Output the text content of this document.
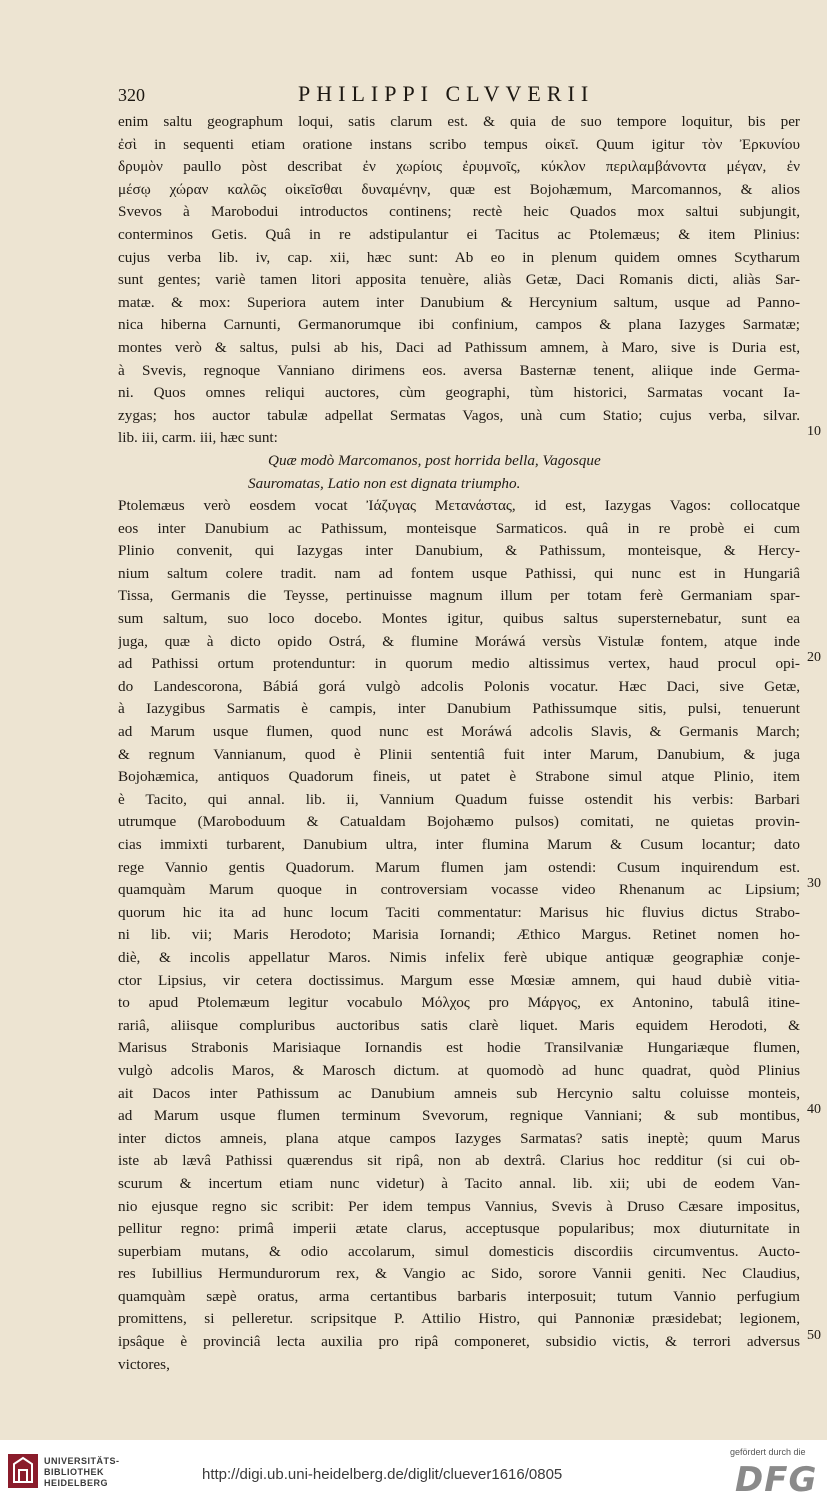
320	PHILIPPI CLVVERII
enim saltu geographum loqui, satis clarum est. & quia de suo tempore loquitur, bis per
ἐσὶ in sequenti etiam oratione instans scribo tempus οἰκεῖ. Quum igitur τὸν Ἐρκυνίου
δρυμὸν paullo pòst describat ἐν χωρίοις ἐρυμνοῖς, κύκλον περιλαμβάνοντα μέγαν, ἐν
μέσῳ χώραν καλῶς οἰκεῖσθαι δυναμένην, quæ est Bojohæmum, Marcomannos, & alios
Svevos à Marobodui introductos continens; rectè heic Quados mox saltui subjungit,
conterminos Getis. Quâ in re adstipulantur ei Tacitus ac Ptolemæus; & item Plinius:
cujus verba lib. iv, cap. xii, hæc sunt: Ab eo in plenum quidem omnes Scytharum
sunt gentes; variè tamen litori apposita tenuère, aliàs Getæ, Daci Romanis dicti, aliàs Sar-
matæ. & mox: Superiora autem inter Danubium & Hercynium saltum, usque ad Panno-
nica hiberna Carnunti, Germanorumque ibi confinium, campos & plana Iazyges Sarmatæ;
montes verò & saltus, pulsi ab his, Daci ad Pathissum amnem, à Maro, sive is Duria est,
à Svevis, regnoque Vanniano dirimens eos. aversa Basternæ tenent, aliique inde Germa-
ni. Quos omnes reliqui auctores, cùm geographi, tùm historici, Sarmatas vocant Ia-
zygas; hos auctor tabulæ adpellat Sermatas Vagos, unà cum Statio; cujus verba, silvar.
lib. iii, carm. iii, hæc sunt:
Quæ modò Marcomanos, post horrida bella, Vagosque
Sauromatas, Latio non est dignata triumpho.
Ptolemæus verò eosdem vocat Ἰάζυγας Μετανάστας, id est, Iazygas Vagos: collocatque
eos inter Danubium ac Pathissum, monteisque Sarmaticos. quâ in re probè ei cum
Plinio convenit, qui Iazygas inter Danubium, & Pathissum, monteisque, & Hercy-
nium saltum colere tradit. nam ad fontem usque Pathissi, qui nunc est in Hungariâ
Tissa, Germanis die Teysse, pertinuisse magnum illum per totam ferè Germaniam spar-
sum saltum, suo loco docebo. Montes igitur, quibus saltus supersternebatur, sunt ea
juga, quæ à dicto opido Ostrá, & flumine Moráwá versùs Vistulæ fontem, atque inde
ad Pathissi ortum protenduntur: in quorum medio altissimus vertex, haud procul opi-
do Landescorona, Bábiá gorá vulgò adcolis Polonis vocatur. Hæc Daci, sive Getæ,
à Iazygibus Sarmatis è campis, inter Danubium Pathissumque sitis, pulsi, tenuerunt
ad Marum usque flumen, quod nunc est Moráwá adcolis Slavis, & Germanis March;
& regnum Vannianum, quod è Plinii sententiâ fuit inter Marum, Danubium, & juga
Bojohæmica, antiquos Quadorum fineis, ut patet è Strabone simul atque Plinio, item
è Tacito, qui annal. lib. ii, Vannium Quadum fuisse ostendit his verbis: Barbari
utrumque (Maroboduum & Catualdam Bojohæmo pulsos) comitati, ne quietas provin-
cias immixti turbarent, Danubium ultra, inter flumina Marum & Cusum locantur; dato
rege Vannio gentis Quadorum. Marum flumen jam ostendi: Cusum inquirendum est.
quamquàm Marum quoque in controversiam vocasse video Rhenanum ac Lipsium;
quorum hic ita ad hunc locum Taciti commentatur: Marisus hic fluvius dictus Strabo-
ni lib. vii; Maris Herodoto; Marisia Iornandi; Æthico Margus. Retinet nomen ho-
diè, & incolis appellatur Maros. Nimis infelix ferè ubique antiquæ geographiæ conje-
ctor Lipsius, vir cetera doctissimus. Margum esse Mœsiæ amnem, qui haud dubiè vitia-
to apud Ptolemæum legitur vocabulo Μόλχος pro Μάργος, ex Antonino, tabulâ itine-
rariâ, aliisque compluribus auctoribus satis clarè liquet. Maris equidem Herodoti, &
Marisus Strabonis Marisiaque Iornandis est hodie Transilvaniæ Hungariæque flumen,
vulgò adcolis Maros, & Marosch dictum. at quomodò ad hunc quadrat, quòd Plinius
ait Dacos inter Pathissum ac Danubium amneis sub Hercynio saltu coluisse monteis,
ad Marum usque flumen terminum Svevorum, regnique Vanniani; & sub montibus,
inter dictos amneis, plana atque campos Iazyges Sarmatas? satis ineptè; quum Marus
iste ab lævâ Pathissi quærendus sit ripâ, non ab dextrâ. Clarius hoc redditur (si cui ob-
scurum & incertum etiam nunc videtur) à Tacito annal. lib. xii; ubi de eodem Van-
nio ejusque regno sic scribit: Per idem tempus Vannius, Svevis à Druso Cæsare impositus,
pellitur regno: primâ imperii ætate clarus, acceptusque popularibus; mox diuturnitate in
superbiam mutans, & odio accolarum, simul domesticis discordiis circumventus. Aucto-
res Iubillius Hermundurorum rex, & Vangio ac Sido, sorore Vannii geniti. Nec Claudius,
quamquàm sæpè oratus, arma certantibus barbaris interposuit; tutum Vannio perfugium
promittens, si pelleretur. scripsitque P. Attilio Histro, qui Pannoniæ præsidebat; legionem,
ipsâque è provinciâ lecta auxilia pro ripâ componeret, subsidio victis, & terrori adversus
victores,
10
20
30
40
50
UNIVERSITÄTS-
BIBLIOTHEK
HEIDELBERG	http://digi.ub.uni-heidelberg.de/diglit/cluever1616/0805
gefördert durch die
DFG
